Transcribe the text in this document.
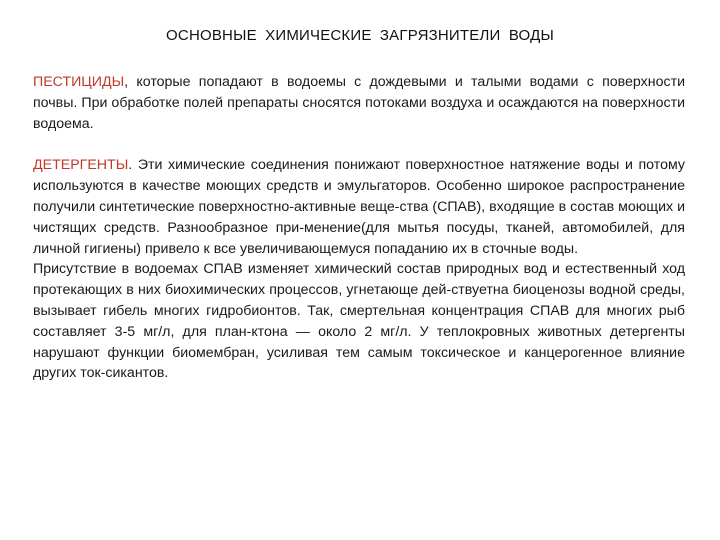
ОСНОВНЫЕ ХИМИЧЕСКИЕ ЗАГРЯЗНИТЕЛИ ВОДЫ

ПЕСТИЦИДЫ, которые попадают в водоемы с дождевыми и талыми водами с поверхности почвы. При обработке полей препараты сносятся потоками воздуха и осаждаются на поверхности водоема.

ДЕТЕРГЕНТЫ. Эти химические соединения понижают поверхностное натяжение воды и потому используются в качестве моющих средств и эмульгаторов. Особенно широкое распространение получили синтетические поверхностно-активные веще-ства (СПАВ), входящие в состав моющих и чистящих средств. Разнообразное при-менение(для мытья посуды, тканей, автомобилей, для личной гигиены) привело к все увеличивающемуся попаданию их в сточные воды.

Присутствие в водоемах СПАВ изменяет химический состав природных вод и естественный ход протекающих в них биохимических процессов, угнетающе дей-ствуетна биоценозы водной среды, вызывает гибель многих гидробионтов. Так, смертельная концентрация СПАВ для многих рыб составляет 3-5 мг/л, для план-ктона — около 2 мг/л. У теплокровных животных детергенты нарушают функции биомембран, усиливая тем самым токсическое и канцерогенное влияние других ток-сикантов.
